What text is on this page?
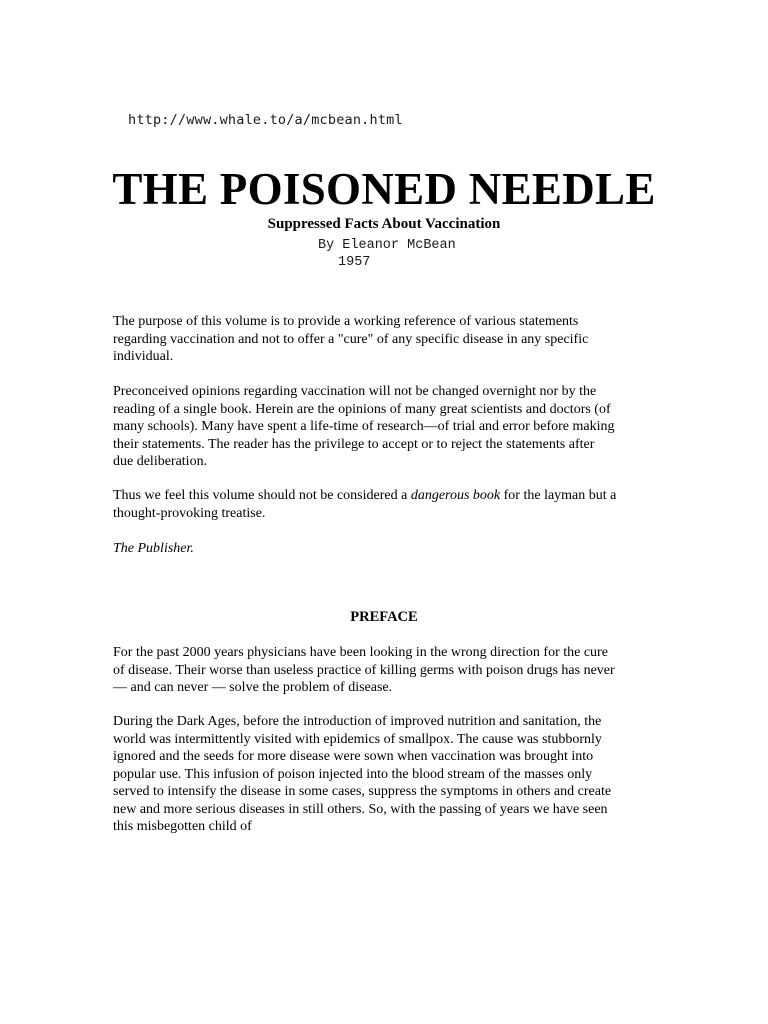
http://www.whale.to/a/mcbean.html
THE POISONED NEEDLE
Suppressed Facts About Vaccination
By Eleanor McBean
1957

The purpose of this volume is to provide a working reference of various statements
regarding vaccination and not to offer a "cure" of any specific disease in any specific
individual.

Preconceived opinions regarding vaccination will not be changed overnight nor by the
reading of a single book. Herein are the opinions of many great scientists and doctors (of
many schools). Many have spent a life-time of research—of trial and error before making
their statements. The reader has the privilege to accept or to reject the statements after
due deliberation.

Thus we feel this volume should not be considered a dangerous book for the layman but a
thought-provoking treatise.

The Publisher.

PREFACE

For the past 2000 years physicians have been looking in the wrong direction for the cure
of disease. Their worse than useless practice of killing germs with poison drugs has never
— and can never — solve the problem of disease.

During the Dark Ages, before the introduction of improved nutrition and sanitation, the
world was intermittently visited with epidemics of smallpox. The cause was stubbornly
ignored and the seeds for more disease were sown when vaccination was brought into
popular use. This infusion of poison injected into the blood stream of the masses only
served to intensify the disease in some cases, suppress the symptoms in others and create
new and more serious diseases in still others. So, with the passing of years we have seen
this misbegotten child of
